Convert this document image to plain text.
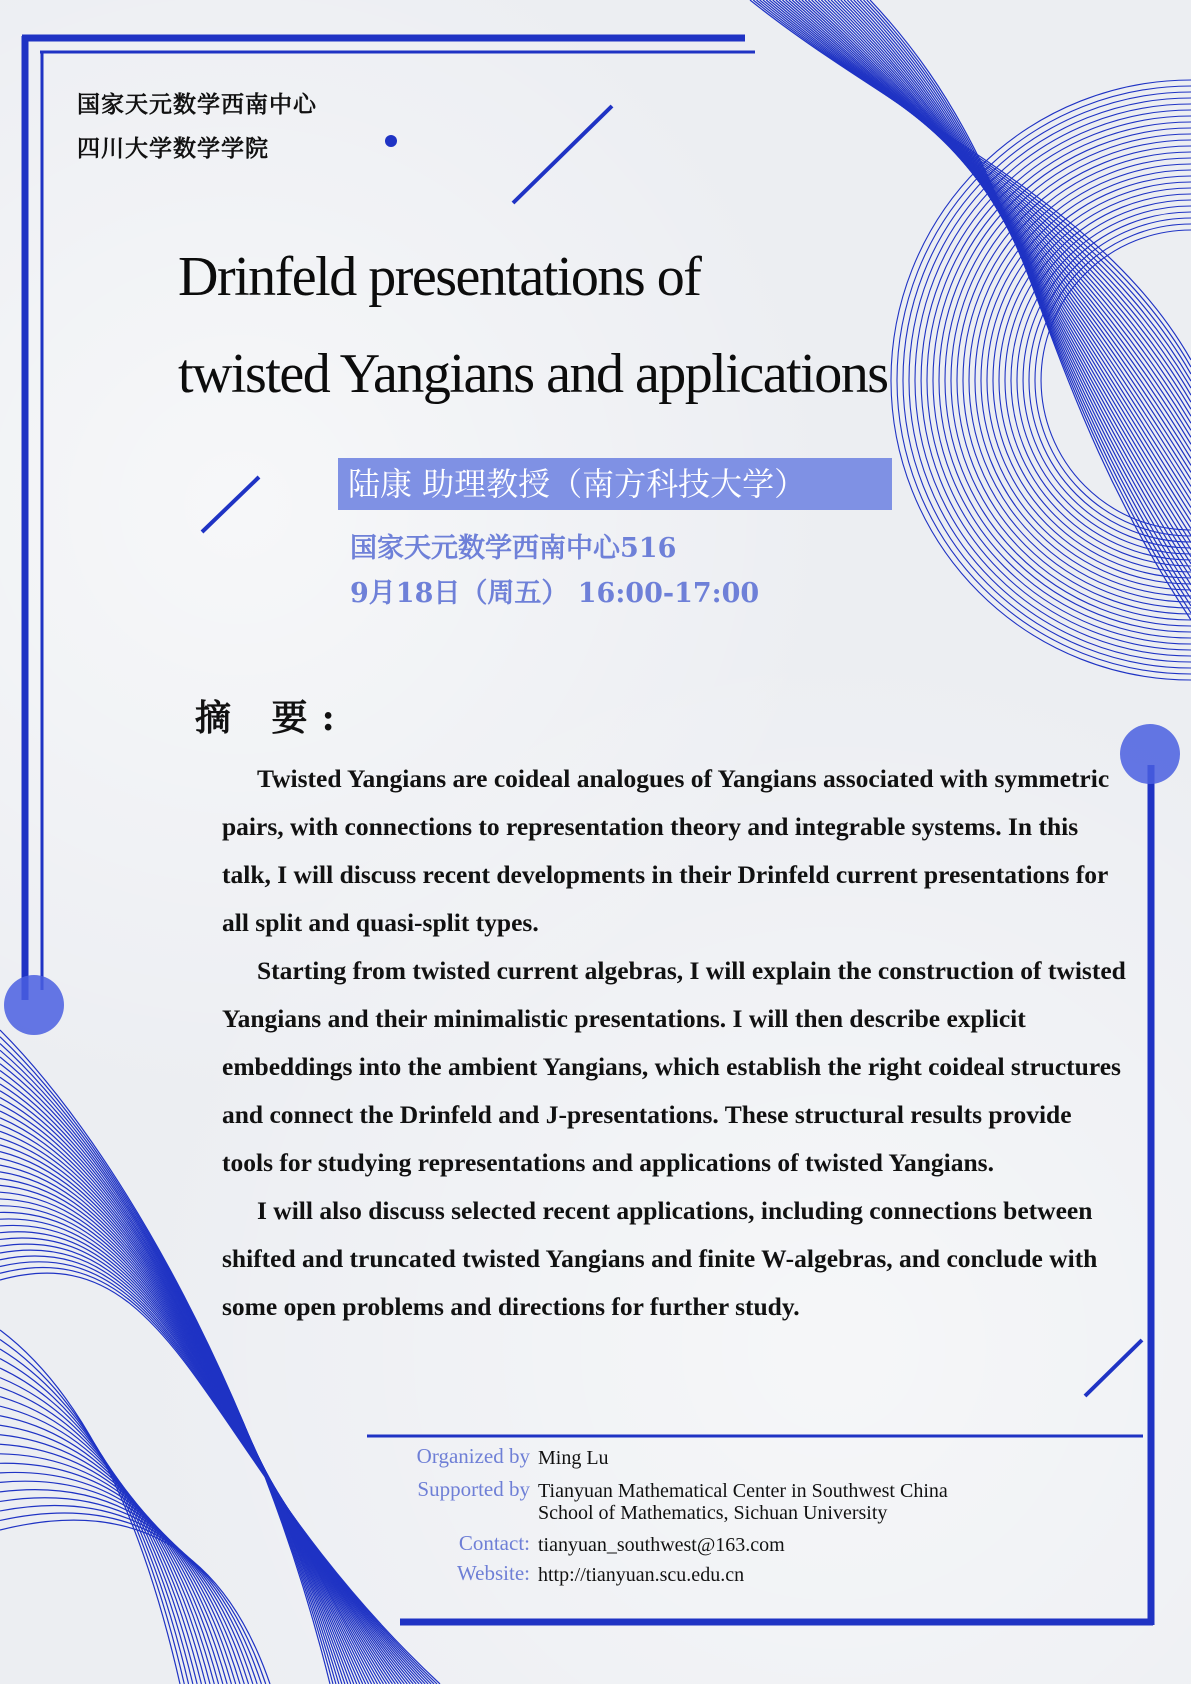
国家天元数学西南中心
四川大学数学学院
Drinfeld presentations of
twisted Yangians and applications
陆康 助理教授（南方科技大学）
国家天元数学西南中心516
9月18日（周五） 16:00-17:00
摘 要:

Twisted Yangians are coideal analogues of Yangians associated with symmetric pairs, with connections to representation theory and integrable systems. In this talk, I will discuss recent developments in their Drinfeld current presentations for all split and quasi-split types.

Starting from twisted current algebras, I will explain the construction of twisted Yangians and their minimalistic presentations. I will then describe explicit embeddings into the ambient Yangians, which establish the right coideal structures and connect the Drinfeld and J-presentations. These structural results provide tools for studying representations and applications of twisted Yangians.

I will also discuss selected recent applications, including connections between shifted and truncated twisted Yangians and finite W-algebras, and conclude with some open problems and directions for further study.

Organized by Ming Lu
Supported by Tianyuan Mathematical Center in Southwest China
School of Mathematics, Sichuan University
Contact: tianyuan_southwest@163.com
Website: http://tianyuan.scu.edu.cn
